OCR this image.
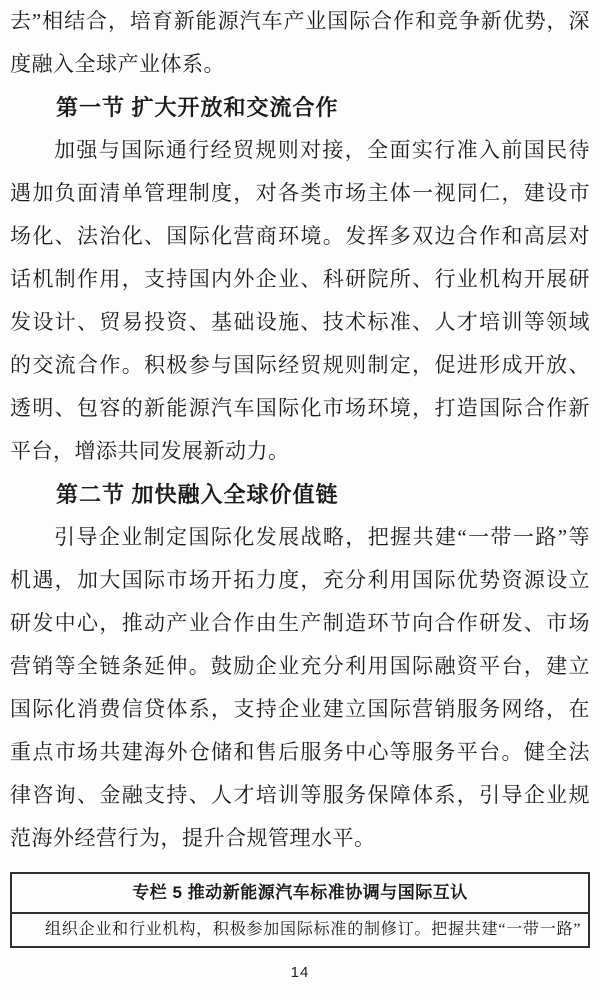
去”相结合，培育新能源汽车产业国际合作和竞争新优势，深
度融入全球产业体系。
第一节 扩大开放和交流合作
加强与国际通行经贸规则对接，全面实行准入前国民待
遇加负面清单管理制度，对各类市场主体一视同仁，建设市
场化、法治化、国际化营商环境。发挥多双边合作和高层对
话机制作用，支持国内外企业、科研院所、行业机构开展研
发设计、贸易投资、基础设施、技术标准、人才培训等领域
的交流合作。积极参与国际经贸规则制定，促进形成开放、
透明、包容的新能源汽车国际化市场环境，打造国际合作新
平台，增添共同发展新动力。
第二节 加快融入全球价值链
引导企业制定国际化发展战略，把握共建“一带一路”等
机遇，加大国际市场开拓力度，充分利用国际优势资源设立
研发中心，推动产业合作由生产制造环节向合作研发、市场
营销等全链条延伸。鼓励企业充分利用国际融资平台，建立
国际化消费信贷体系，支持企业建立国际营销服务网络，在
重点市场共建海外仓储和售后服务中心等服务平台。健全法
律咨询、金融支持、人才培训等服务保障体系，引导企业规
范海外经营行为，提升合规管理水平。
专栏 5 推动新能源汽车标准协调与国际互认
组织企业和行业机构，积极参加国际标准的制修订。把握共建“一带一路”
14
